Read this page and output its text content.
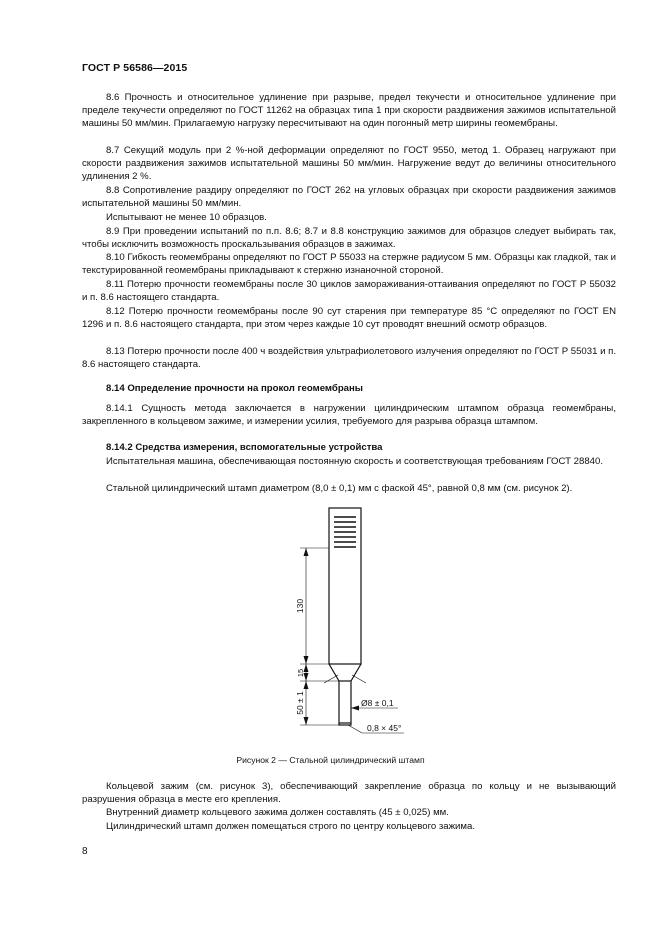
ГОСТ Р 56586—2015
8.6 Прочность и относительное удлинение при разрыве, предел текучести и относительное удлинение при пределе текучести определяют по ГОСТ 11262 на образцах типа 1 при скорости раздвижения зажимов испытательной машины 50 мм/мин. Прилагаемую нагрузку пересчитывают на один погонный метр ширины геомембраны.
8.7 Секущий модуль при 2 %-ной деформации определяют по ГОСТ 9550, метод 1. Образец нагружают при скорости раздвижения зажимов испытательной машины 50 мм/мин. Нагружение ведут до величины относительного удлинения 2 %.
8.8 Сопротивление раздиру определяют по ГОСТ 262 на угловых образцах при скорости раздвижения зажимов испытательной машины 50 мм/мин.
Испытывают не менее 10 образцов.
8.9 При проведении испытаний по п.п. 8.6; 8.7 и 8.8 конструкцию зажимов для образцов следует выбирать так, чтобы исключить возможность проскальзывания образцов в зажимах.
8.10 Гибкость геомембраны определяют по ГОСТ Р 55033 на стержне радиусом 5 мм. Образцы как гладкой, так и текстурированной геомембраны прикладывают к стержню изнаночной стороной.
8.11 Потерю прочности геомембраны после 30 циклов замораживания-оттаивания определяют по ГОСТ Р 55032 и п. 8.6 настоящего стандарта.
8.12 Потерю прочности геомембраны после 90 сут старения при температуре 85 °С определяют по ГОСТ EN 1296 и п. 8.6 настоящего стандарта, при этом через каждые 10 сут проводят внешний осмотр образцов.
8.13 Потерю прочности после 400 ч воздействия ультрафиолетового излучения определяют по ГОСТ Р 55031 и п. 8.6 настоящего стандарта.
8.14 Определение прочности на прокол геомембраны
8.14.1 Сущность метода заключается в нагружении цилиндрическим штампом образца геомембраны, закрепленного в кольцевом зажиме, и измерении усилия, требуемого для разрыва образца штампом.
8.14.2 Средства измерения, вспомогательные устройства
Испытательная машина, обеспечивающая постоянную скорость и соответствующая требованиям ГОСТ 28840.
Стальной цилиндрический штамп диаметром (8,0 ± 0,1) мм с фаской 45°, равной 0,8 мм (см. рисунок 2).
130
15
50 ± 1	Ø8 ± 0,1
0,8 × 45°
Рисунок 2 — Стальной цилиндрический штамп
Кольцевой зажим (см. рисунок 3), обеспечивающий закрепление образца по кольцу и не вызывающий разрушения образца в месте его крепления.
Внутренний диаметр кольцевого зажима должен составлять (45 ± 0,025) мм.
Цилиндрический штамп должен помещаться строго по центру кольцевого зажима.
8
